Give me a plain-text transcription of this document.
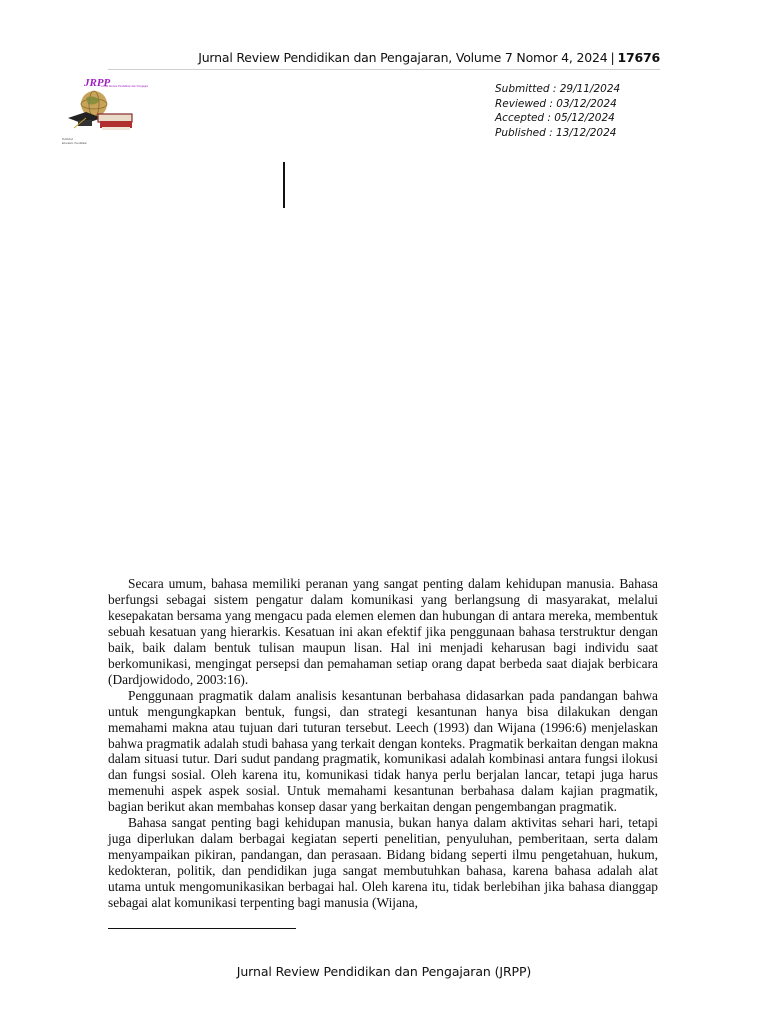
Jurnal Review Pendidikan dan Pengajaran, Volume 7 Nomor 4, 2024 | 17676
JRPP
Jurnal Review Pendidikan dan Pengajaran
Published
Education, Pendidikan
Submitted : 29/11/2024
Reviewed : 03/12/2024
Accepted : 05/12/2024
Published : 13/12/2024

Secara umum, bahasa memiliki peranan yang sangat penting dalam kehidupan manusia. Bahasa berfungsi sebagai sistem pengatur dalam komunikasi yang berlangsung di masyarakat, melalui kesepakatan bersama yang mengacu pada elemen elemen dan hubungan di antara mereka, membentuk sebuah kesatuan yang hierarkis. Kesatuan ini akan efektif jika penggunaan bahasa terstruktur dengan baik, baik dalam bentuk tulisan maupun lisan. Hal ini menjadi keharusan bagi individu saat berkomunikasi, mengingat persepsi dan pemahaman setiap orang dapat berbeda saat diajak berbicara (Dardjowidodo, 2003:16).

Penggunaan pragmatik dalam analisis kesantunan berbahasa didasarkan pada pandangan bahwa untuk mengungkapkan bentuk, fungsi, dan strategi kesantunan hanya bisa dilakukan dengan memahami makna atau tujuan dari tuturan tersebut. Leech (1993) dan Wijana (1996:6) menjelaskan bahwa pragmatik adalah studi bahasa yang terkait dengan konteks. Pragmatik berkaitan dengan makna dalam situasi tutur. Dari sudut pandang pragmatik, komunikasi adalah kombinasi antara fungsi ilokusi dan fungsi sosial. Oleh karena itu, komunikasi tidak hanya perlu berjalan lancar, tetapi juga harus memenuhi aspek aspek sosial. Untuk memahami kesantunan berbahasa dalam kajian pragmatik, bagian berikut akan membahas konsep dasar yang berkaitan dengan pengembangan pragmatik.

Bahasa sangat penting bagi kehidupan manusia, bukan hanya dalam aktivitas sehari hari, tetapi juga diperlukan dalam berbagai kegiatan seperti penelitian, penyuluhan, pemberitaan, serta dalam menyampaikan pikiran, pandangan, dan perasaan. Bidang bidang seperti ilmu pengetahuan, hukum, kedokteran, politik, dan pendidikan juga sangat membutuhkan bahasa, karena bahasa adalah alat utama untuk mengomunikasikan berbagai hal. Oleh karena itu, tidak berlebihan jika bahasa dianggap sebagai alat komunikasi terpenting bagi manusia (Wijana,

Jurnal Review Pendidikan dan Pengajaran (JRPP)
